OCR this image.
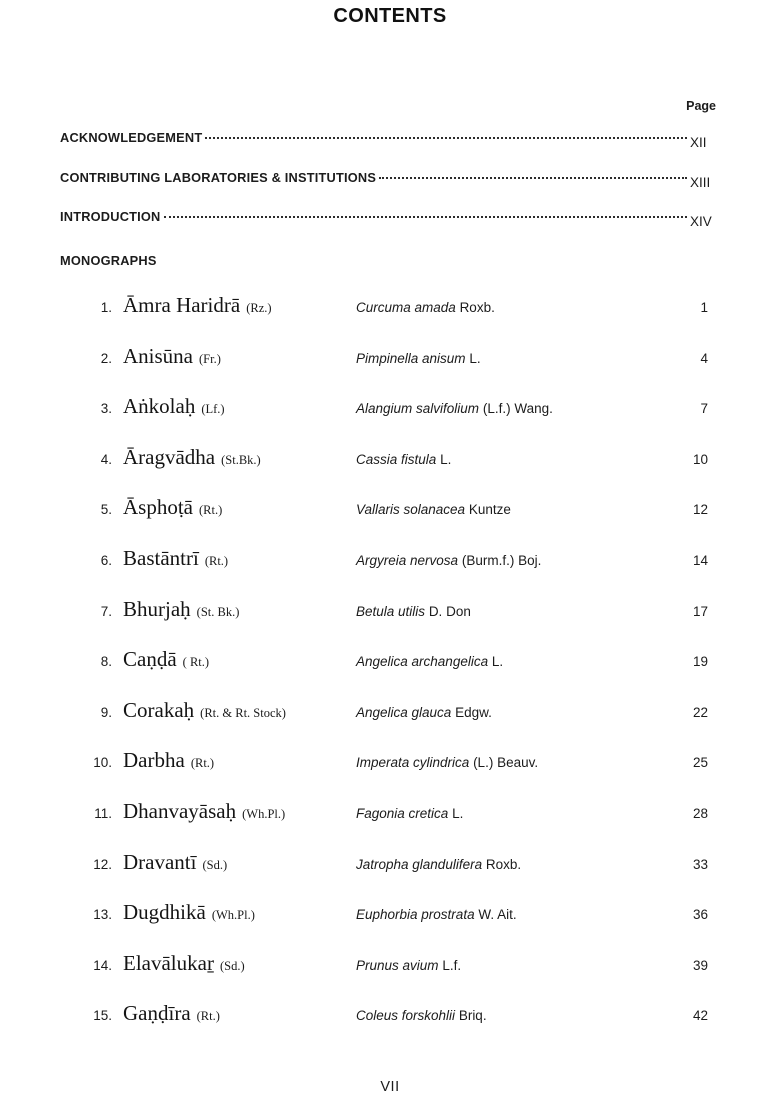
CONTENTS
Page
ACKNOWLEDGEMENT	XII
CONTRIBUTING LABORATORIES & INSTITUTIONS	XIII
INTRODUCTION	XIV
MONOGRAPHS
1. Āmra Haridrā (Rz.)	Curcuma amada Roxb.	1
2. Anisūna (Fr.)	Pimpinella anisum L.	4
3. Aṅkolaḥ (Lf.)	Alangium salvifolium (L.f.) Wang.	7
4. Āragvādha (St.Bk.)	Cassia fistula L.	10
5. Āsphoṭā (Rt.)	Vallaris solanacea Kuntze	12
6. Bastāntrī (Rt.)	Argyreia nervosa (Burm.f.) Boj.	14
7. Bhurjaḥ (St. Bk.)	Betula utilis D. Don	17
8. Caṇḍā ( Rt.)	Angelica archangelica L.	19
9. Corakaḥ (Rt. & Rt. Stock)	Angelica glauca Edgw.	22
10. Darbha (Rt.)	Imperata cylindrica (L.) Beauv.	25
11. Dhanvayāsaḥ (Wh.Pl.)	Fagonia cretica L.	28
12. Dravantī (Sd.)	Jatropha glandulifera Roxb.	33
13. Dugdhikā (Wh.Pl.)	Euphorbia prostrata W. Ait.	36
14. Elavālukaṟ (Sd.)	Prunus avium L.f.	39
15. Gaṇḍīra (Rt.)	Coleus forskohlii Briq.	42
VII
